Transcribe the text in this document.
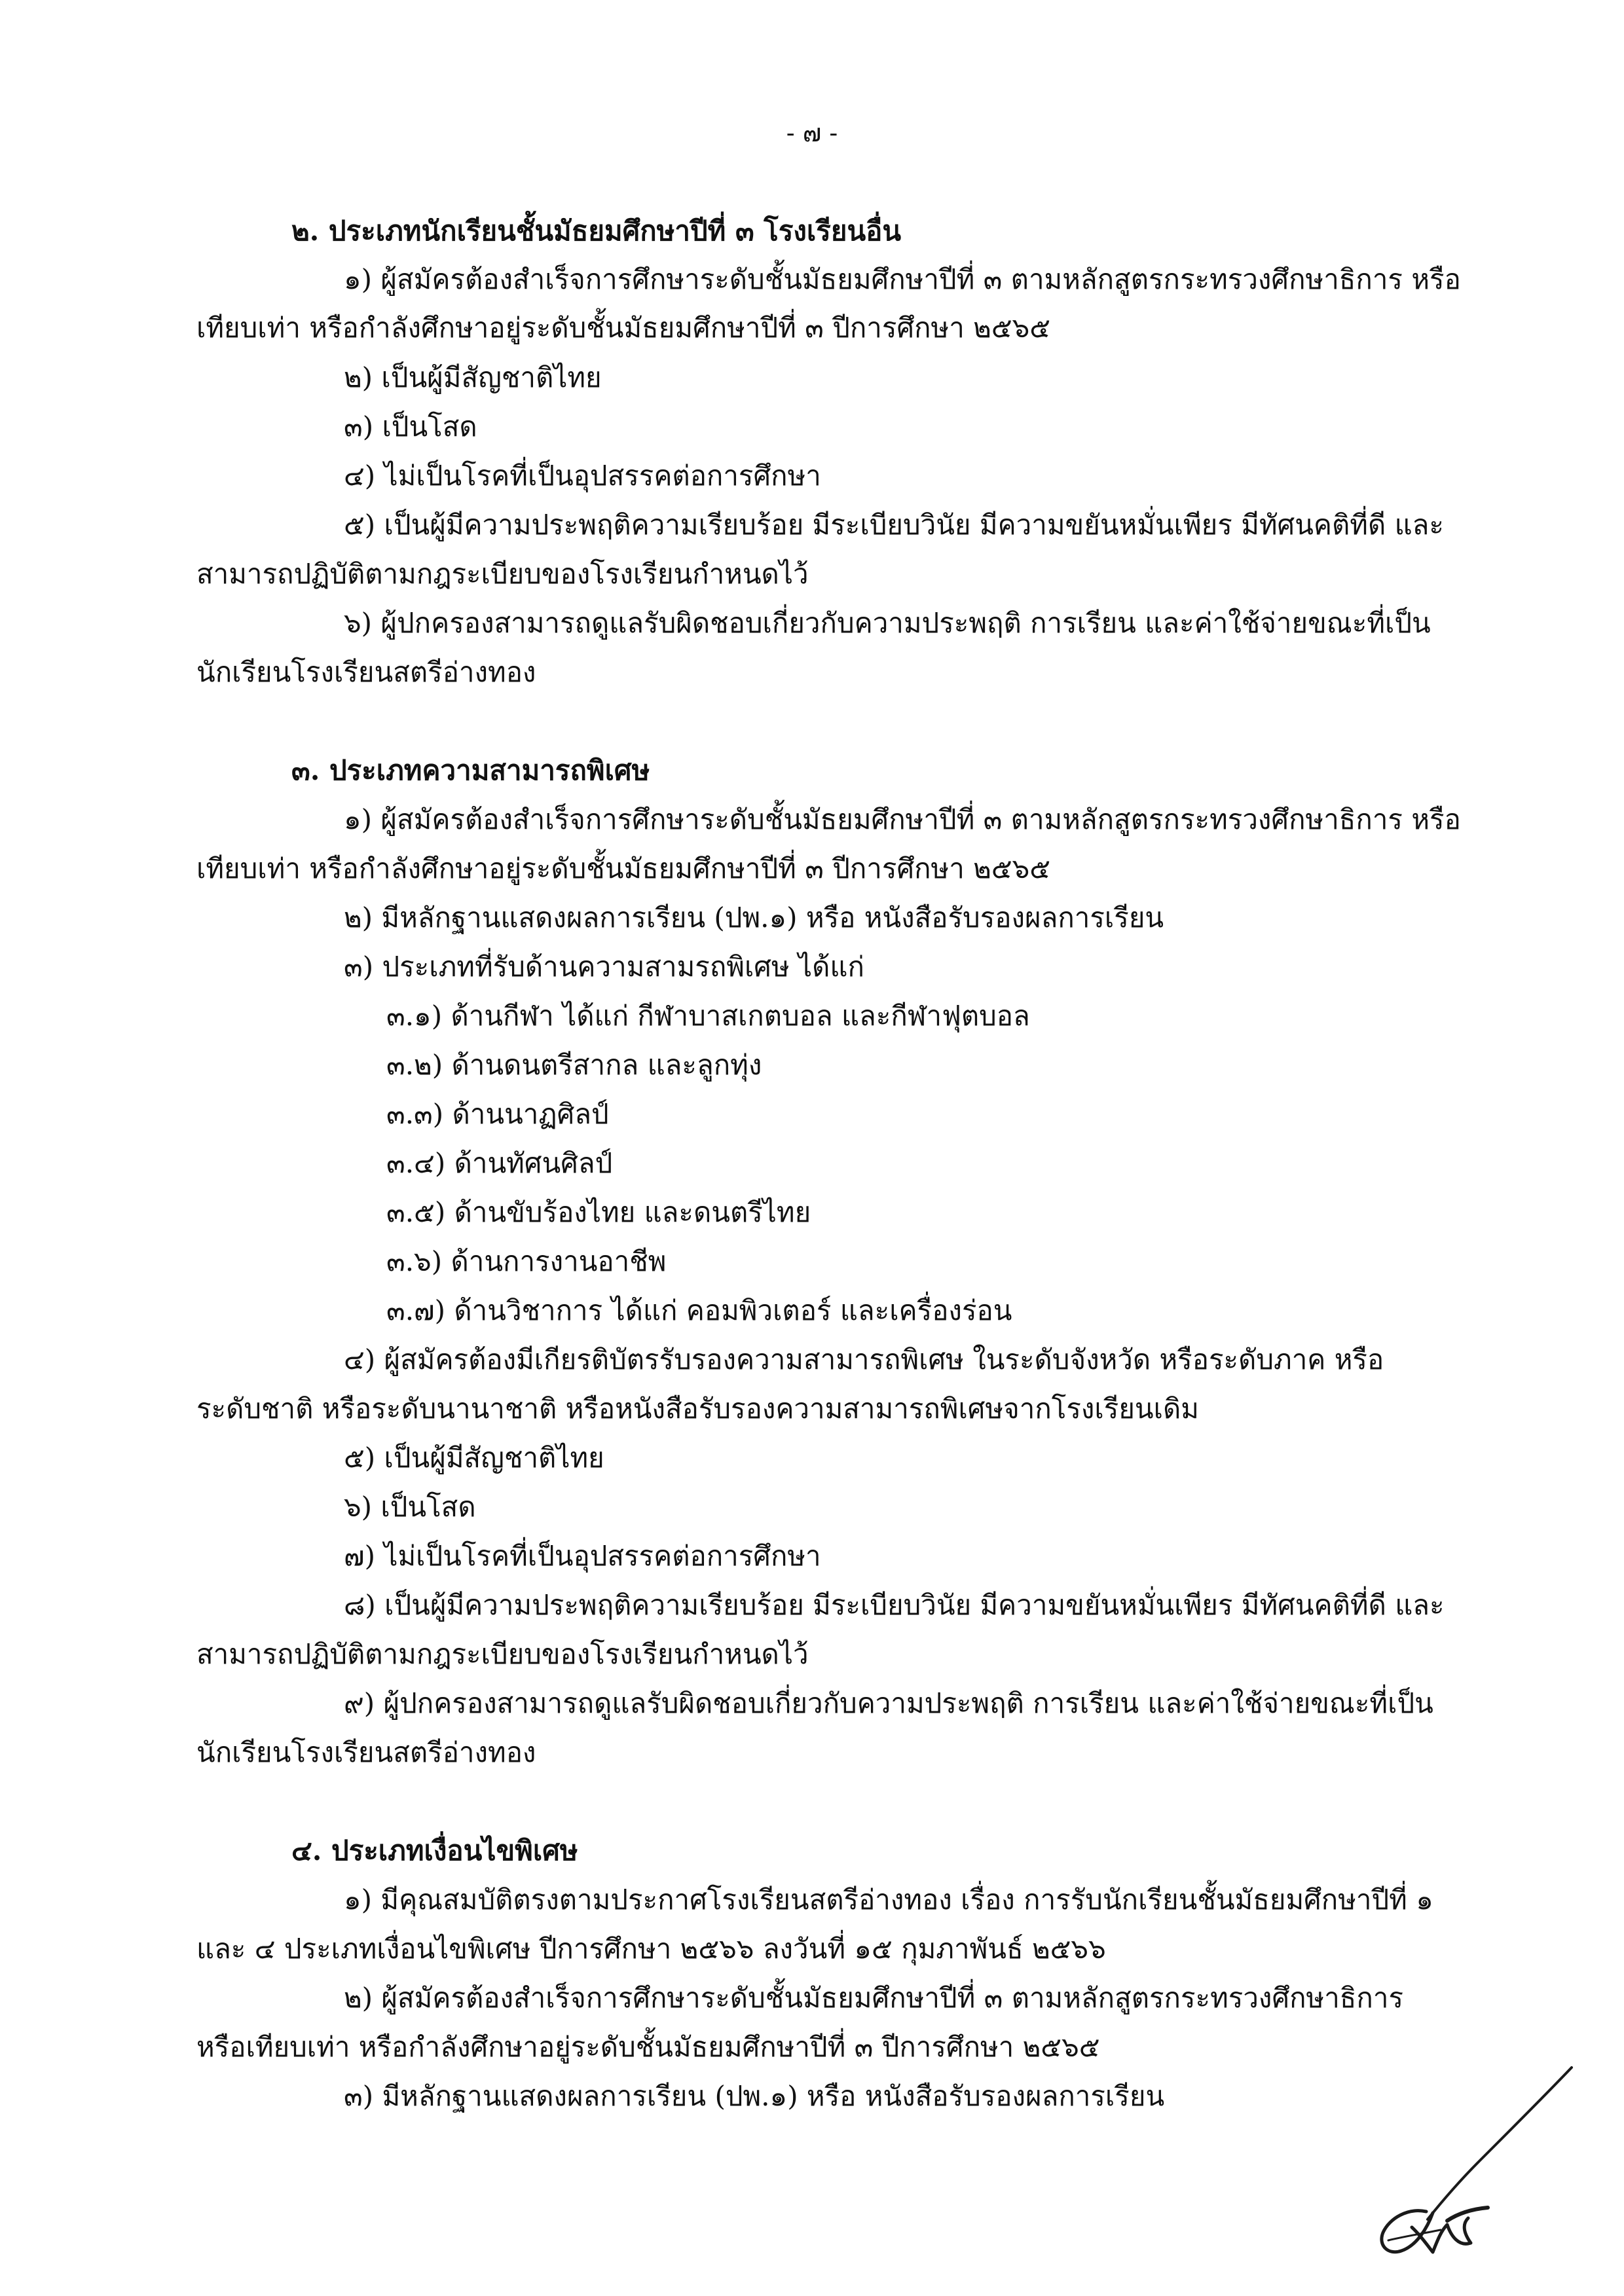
- ๗ -
๒. ประเภทนักเรียนชั้นมัธยมศึกษาปีที่ ๓ โรงเรียนอื่น
๑) ผู้สมัครต้องสำเร็จการศึกษาระดับชั้นมัธยมศึกษาปีที่ ๓ ตามหลักสูตรกระทรวงศึกษาธิการ หรือ
เทียบเท่า หรือกำลังศึกษาอยู่ระดับชั้นมัธยมศึกษาปีที่ ๓ ปีการศึกษา ๒๕๖๕
๒) เป็นผู้มีสัญชาติไทย
๓) เป็นโสด
๔) ไม่เป็นโรคที่เป็นอุปสรรคต่อการศึกษา
๕) เป็นผู้มีความประพฤติความเรียบร้อย มีระเบียบวินัย มีความขยันหมั่นเพียร มีทัศนคติที่ดี และ
สามารถปฏิบัติตามกฎระเบียบของโรงเรียนกำหนดไว้
๖) ผู้ปกครองสามารถดูแลรับผิดชอบเกี่ยวกับความประพฤติ การเรียน และค่าใช้จ่ายขณะที่เป็น
นักเรียนโรงเรียนสตรีอ่างทอง
๓. ประเภทความสามารถพิเศษ
๑) ผู้สมัครต้องสำเร็จการศึกษาระดับชั้นมัธยมศึกษาปีที่ ๓ ตามหลักสูตรกระทรวงศึกษาธิการ หรือ
เทียบเท่า หรือกำลังศึกษาอยู่ระดับชั้นมัธยมศึกษาปีที่ ๓ ปีการศึกษา ๒๕๖๕
๒) มีหลักฐานแสดงผลการเรียน (ปพ.๑) หรือ หนังสือรับรองผลการเรียน
๓) ประเภทที่รับด้านความสามรถพิเศษ ได้แก่
๓.๑) ด้านกีฬา ได้แก่ กีฬาบาสเกตบอล และกีฬาฟุตบอล
๓.๒) ด้านดนตรีสากล และลูกทุ่ง
๓.๓) ด้านนาฏศิลป์
๓.๔) ด้านทัศนศิลป์
๓.๕) ด้านขับร้องไทย และดนตรีไทย
๓.๖) ด้านการงานอาชีพ
๓.๗) ด้านวิชาการ ได้แก่ คอมพิวเตอร์ และเครื่องร่อน
๔) ผู้สมัครต้องมีเกียรติบัตรรับรองความสามารถพิเศษ ในระดับจังหวัด หรือระดับภาค หรือ
ระดับชาติ หรือระดับนานาชาติ หรือหนังสือรับรองความสามารถพิเศษจากโรงเรียนเดิม
๕) เป็นผู้มีสัญชาติไทย
๖) เป็นโสด
๗) ไม่เป็นโรคที่เป็นอุปสรรคต่อการศึกษา
๘) เป็นผู้มีความประพฤติความเรียบร้อย มีระเบียบวินัย มีความขยันหมั่นเพียร มีทัศนคติที่ดี และ
สามารถปฏิบัติตามกฎระเบียบของโรงเรียนกำหนดไว้
๙) ผู้ปกครองสามารถดูแลรับผิดชอบเกี่ยวกับความประพฤติ การเรียน และค่าใช้จ่ายขณะที่เป็น
นักเรียนโรงเรียนสตรีอ่างทอง
๔. ประเภทเงื่อนไขพิเศษ
๑) มีคุณสมบัติตรงตามประกาศโรงเรียนสตรีอ่างทอง เรื่อง การรับนักเรียนชั้นมัธยมศึกษาปีที่ ๑
และ ๔ ประเภทเงื่อนไขพิเศษ ปีการศึกษา ๒๕๖๖ ลงวันที่ ๑๕ กุมภาพันธ์ ๒๕๖๖
๒) ผู้สมัครต้องสำเร็จการศึกษาระดับชั้นมัธยมศึกษาปีที่ ๓ ตามหลักสูตรกระทรวงศึกษาธิการ
หรือเทียบเท่า หรือกำลังศึกษาอยู่ระดับชั้นมัธยมศึกษาปีที่ ๓ ปีการศึกษา ๒๕๖๕
๓) มีหลักฐานแสดงผลการเรียน (ปพ.๑) หรือ หนังสือรับรองผลการเรียน
